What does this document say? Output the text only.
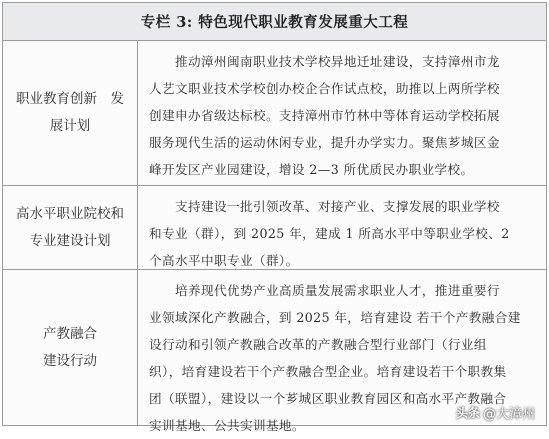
专栏 3: 特色现代职业教育发展重大工程
职业教育创新　发
展计划
推动漳州闽南职业技术学校异地迁址建设，支持漳州市龙
人艺文职业技术学校创办校企合作试点校，助推以上两所学校
创建申办省级达标校。支持漳州市竹林中等体育运动学校拓展
服务现代生活的运动休闲专业，提升办学实力。聚焦芗城区金
峰开发区产业园建设，增设 2—3 所优质民办职业学校。
高水平职业院校和
专业建设计划
支持建设一批引领改革、对接产业、支撑发展的职业学校
和专业（群），到 2025 年，建成 1 所高水平中等职业学校、2
个高水平中职专业（群）。
产教融合
建设行动
培养现代优势产业高质量发展需求职业人才，推进重要行
业领域深化产教融合，到 2025 年，培育建设 若干个产教融合建
设行动和引领产教融合改革的产教融合型行业部门（行业组
织），培育建设若干个产教融合型企业。培育建设若干个职教集
团（联盟），建设以一个芗城区职业教育园区和高水平产教融合
实训基地、公共实训基地。
头条 @大漳州
